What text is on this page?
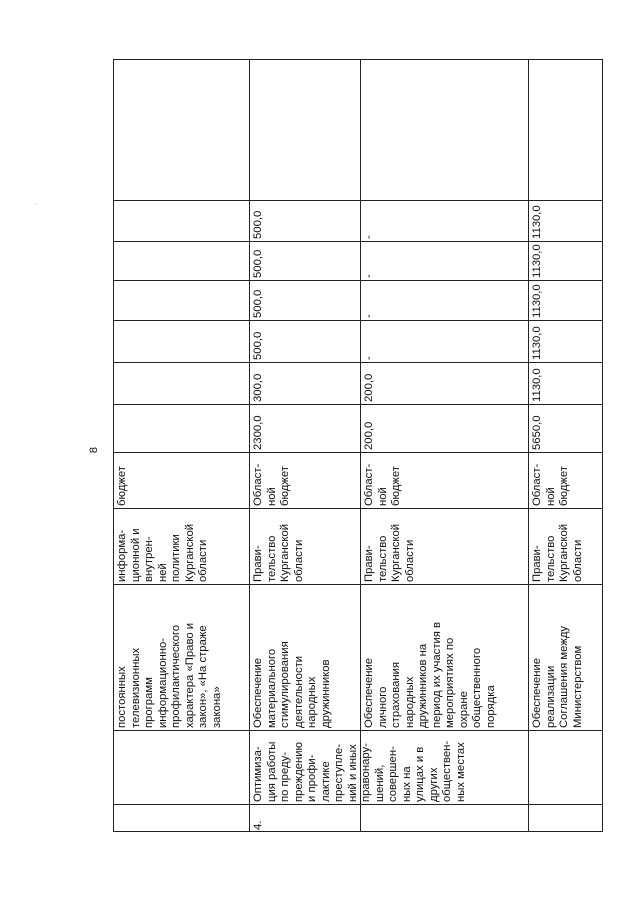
8
бюджет
информа-
ционной и
внутрен-
ней
политики
Курганской
области
постоянных
телевизионных
программ
информационно-
профилактического
характера «Право и
закон», «На страже
закона»
500,0
500,0
500,0
500,0
300,0
2300,0
Област-
ной
бюджет
Прави-
тельство
Курганской
области
Обеспечение
материального
стимулирования
деятельности
народных
дружинников
Оптимиза-
ция работы
по преду-
преждению
и профи-
лактике
преступле-
ний и иных
правонару-
шений,
совершен-
ных на
улицах и в
других
обществен-
ных местах
4.
-
-
-
-
200,0
200,0
Област-
ной
бюджет
Прави-
тельство
Курганской
области
Обеспечение
личного
страхования
народных
дружинников на
период их участия в
мероприятиях по
охране
общественного
порядка
1130,0
1130,0
1130,0
1130,0
1130,0
5650,0
Област-
ной
бюджет
Прави-
тельство
Курганской
области
Обеспечение
реализации
Соглашения между
Министерством
